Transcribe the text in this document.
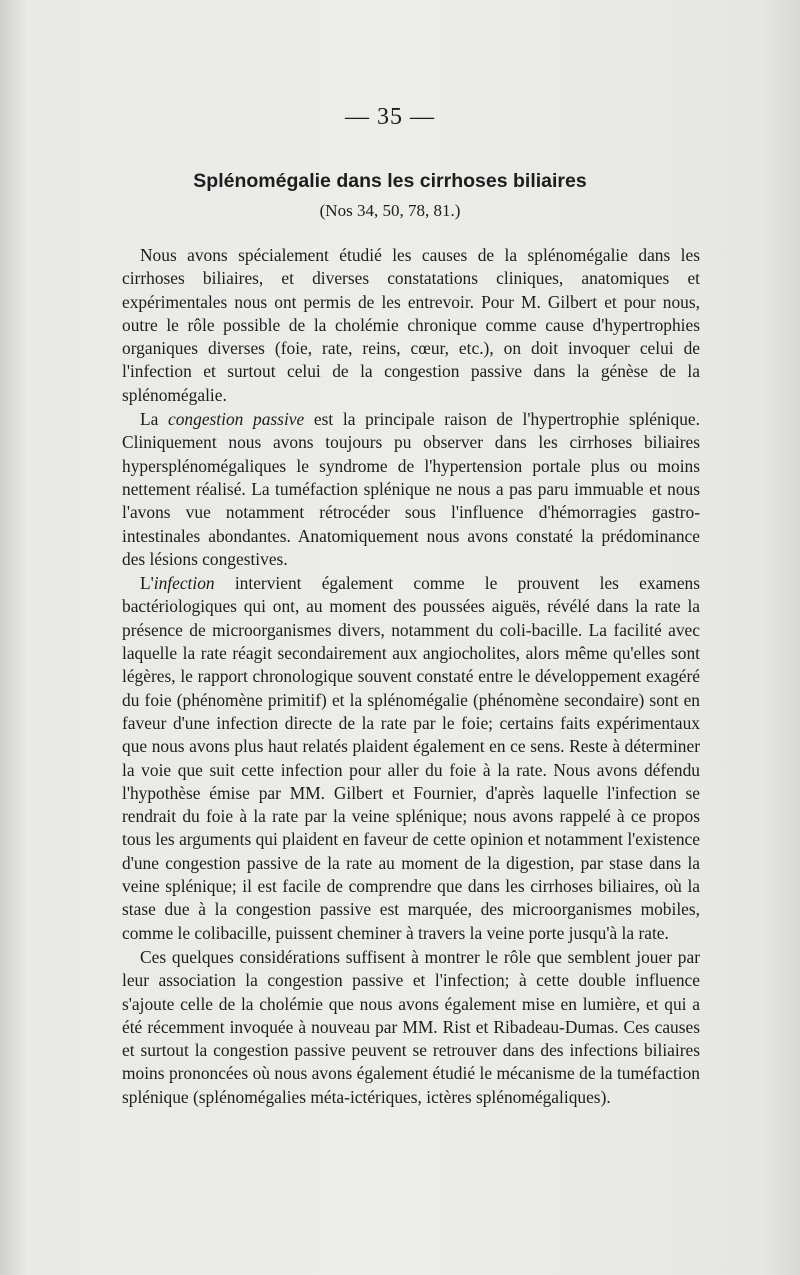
— 35 —
Splénomégalie dans les cirrhoses biliaires
(Nos 34, 50, 78, 81.)

Nous avons spécialement étudié les causes de la splénomégalie dans les cirrhoses biliaires, et diverses constatations cliniques, anatomiques et expérimentales nous ont permis de les entrevoir. Pour M. Gilbert et pour nous, outre le rôle possible de la cholémie chronique comme cause d'hypertrophies organiques diverses (foie, rate, reins, cœur, etc.), on doit invoquer celui de l'infection et surtout celui de la congestion passive dans la génèse de la splénomégalie.

La congestion passive est la principale raison de l'hypertrophie splénique. Cliniquement nous avons toujours pu observer dans les cirrhoses biliaires hypersplénomégaliques le syndrome de l'hypertension portale plus ou moins nettement réalisé. La tuméfaction splénique ne nous a pas paru immuable et nous l'avons vue notamment rétrocéder sous l'influence d'hémorragies gastro-intestinales abondantes. Anatomiquement nous avons constaté la prédominance des lésions congestives.

L'infection intervient également comme le prouvent les examens bactériologiques qui ont, au moment des poussées aiguës, révélé dans la rate la présence de microorganismes divers, notamment du coli-bacille. La facilité avec laquelle la rate réagit secondairement aux angiocholites, alors même qu'elles sont légères, le rapport chronologique souvent constaté entre le développement exagéré du foie (phénomène primitif) et la splénomégalie (phénomène secondaire) sont en faveur d'une infection directe de la rate par le foie; certains faits expérimentaux que nous avons plus haut relatés plaident également en ce sens. Reste à déterminer la voie que suit cette infection pour aller du foie à la rate. Nous avons défendu l'hypothèse émise par MM. Gilbert et Fournier, d'après laquelle l'infection se rendrait du foie à la rate par la veine splénique; nous avons rappelé à ce propos tous les arguments qui plaident en faveur de cette opinion et notamment l'existence d'une congestion passive de la rate au moment de la digestion, par stase dans la veine splénique; il est facile de comprendre que dans les cirrhoses biliaires, où la stase due à la congestion passive est marquée, des microorganismes mobiles, comme le colibacille, puissent cheminer à travers la veine porte jusqu'à la rate.

Ces quelques considérations suffisent à montrer le rôle que semblent jouer par leur association la congestion passive et l'infection; à cette double influence s'ajoute celle de la cholémie que nous avons également mise en lumière, et qui a été récemment invoquée à nouveau par MM. Rist et Ribadeau-Dumas. Ces causes et surtout la congestion passive peuvent se retrouver dans des infections biliaires moins prononcées où nous avons également étudié le mécanisme de la tuméfaction splénique (splénomégalies méta-ictériques, ictères splénomégaliques).
